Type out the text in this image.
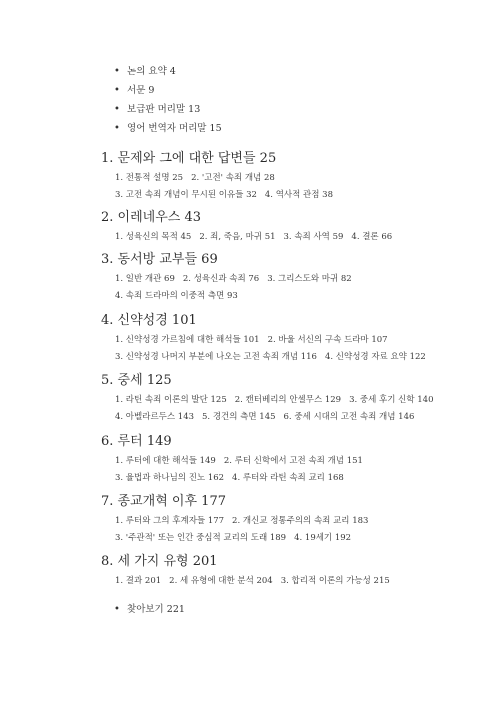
• 논의 요약 4
• 서문 9
• 보급판 머리말 13
• 영어 번역자 머리말 15
1. 문제와 그에 대한 답변들 25
1. 전통적 설명 25 2. '고전' 속죄 개념 28
3. 고전 속죄 개념이 무시된 이유들 32 4. 역사적 관점 38
2. 이레네우스 43
1. 성육신의 목적 45 2. 죄, 죽음, 마귀 51 3. 속죄 사역 59 4. 결론 66
3. 동서방 교부들 69
1. 일반 개관 69 2. 성육신과 속죄 76 3. 그리스도와 마귀 82
4. 속죄 드라마의 이중적 측면 93
4. 신약성경 101
1. 신약성경 가르침에 대한 해석들 101 2. 바울 서신의 구속 드라마 107
3. 신약성경 나머지 부분에 나오는 고전 속죄 개념 116 4. 신약성경 자료 요약 122
5. 중세 125
1. 라틴 속죄 이론의 발단 125 2. 캔터베리의 안셀무스 129 3. 중세 후기 신학 140
4. 아벨라르두스 143 5. 경건의 측면 145 6. 중세 시대의 고전 속죄 개념 146
6. 루터 149
1. 루터에 대한 해석들 149 2. 루터 신학에서 고전 속죄 개념 151
3. 율법과 하나님의 진노 162 4. 루터와 라틴 속죄 교리 168
7. 종교개혁 이후 177
1. 루터와 그의 후계자들 177 2. 개신교 정통주의의 속죄 교리 183
3. '주관적' 또는 인간 중심적 교리의 도래 189 4. 19세기 192
8. 세 가지 유형 201
1. 결과 201 2. 세 유형에 대한 분석 204 3. 합리적 이론의 가능성 215
• 찾아보기 221
